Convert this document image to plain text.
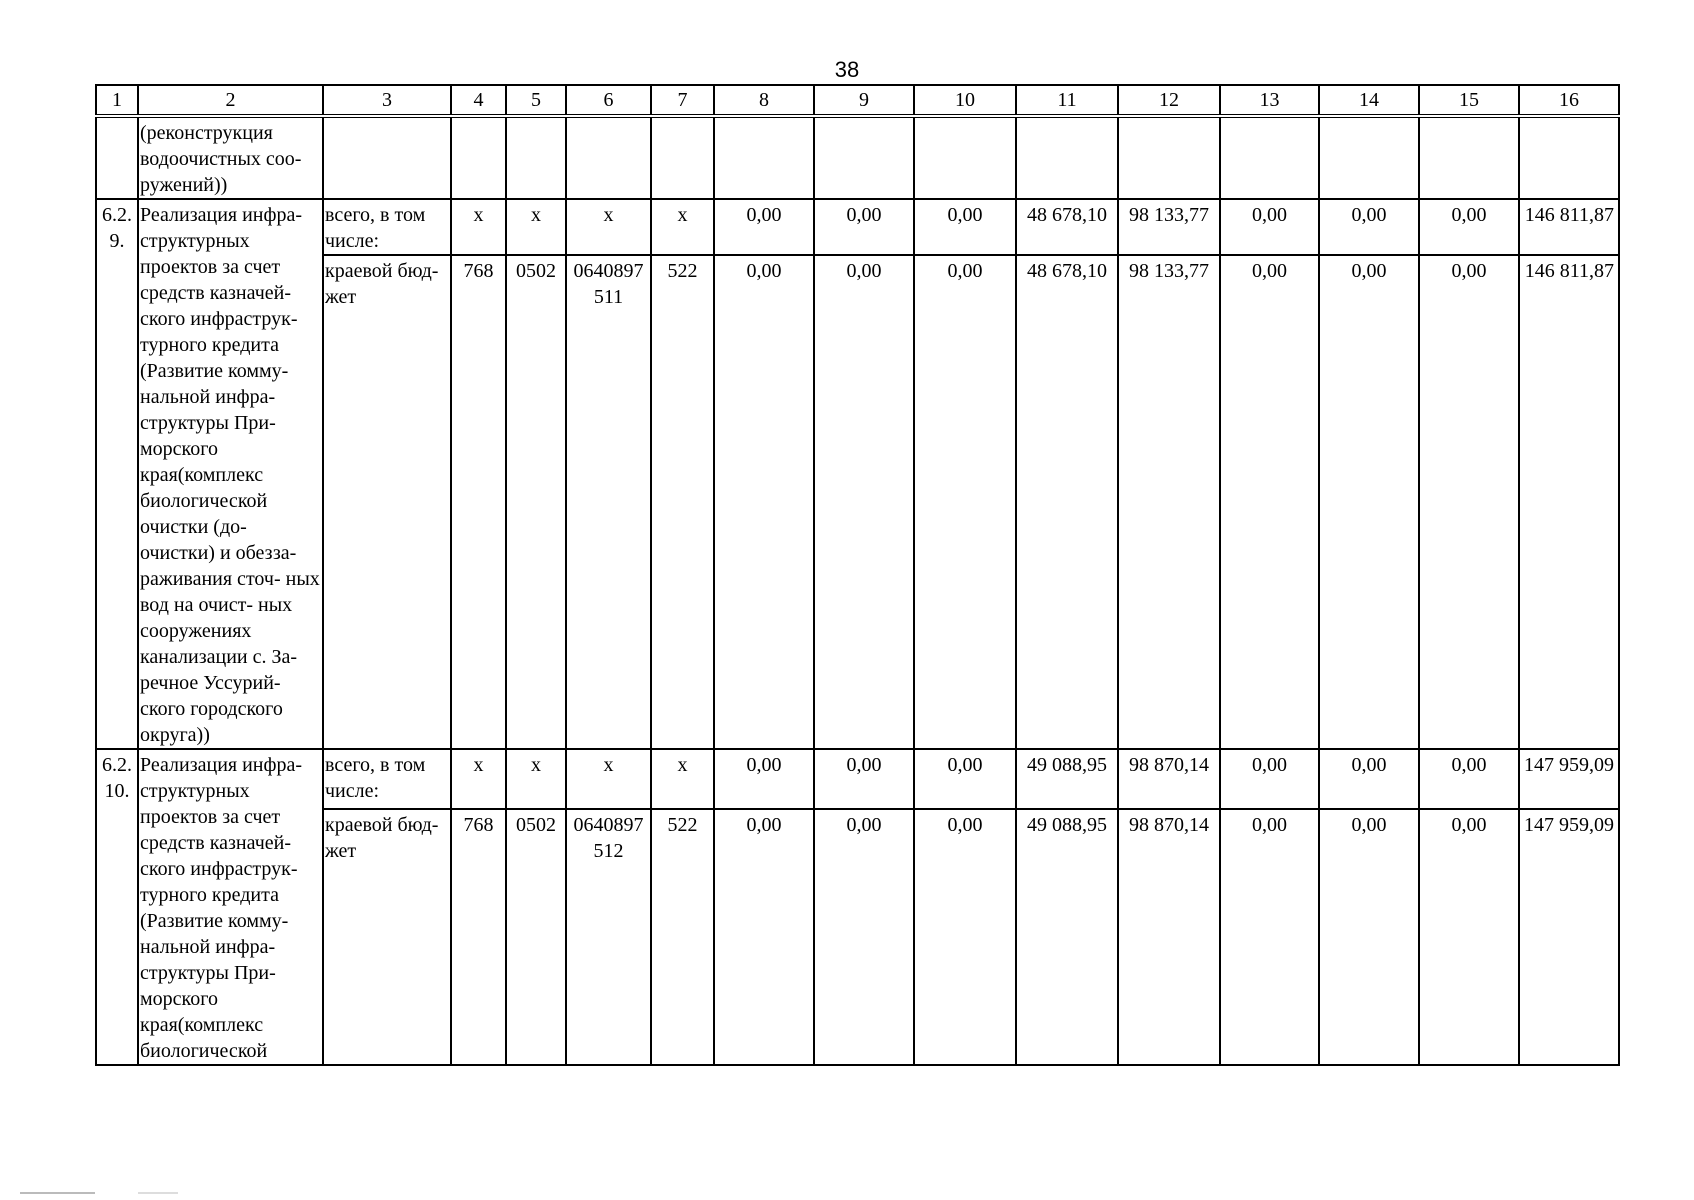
38
1	2	3	4	5	6	7	8	9	10	11	12	13	14	15	16
	(реконструкция водоочистных соо- ружений))														
6.2. 9.	Реализация инфра- структурных проектов за счет средств казначей- ского инфраструк- турного кредита (Развитие комму- нальной инфра- структуры При- морского края(комплекс биологической очистки (до- очистки) и обезза- раживания сточ- ных вод на очист- ных сооружениях канализации с. За- речное Уссурий- ского городского округа))	всего, в том числе:	x	x	x	x	0,00	0,00	0,00	48 678,10	98 133,77	0,00	0,00	0,00	146 811,87
		краевой бюд- жет	768	0502	0640897 511	522	0,00	0,00	0,00	48 678,10	98 133,77	0,00	0,00	0,00	146 811,87
6.2. 10.	Реализация инфра- структурных проектов за счет средств казначей- ского инфраструк- турного кредита (Развитие комму- нальной инфра- структуры При- морского края(комплекс биологической	всего, в том числе:	x	x	x	x	0,00	0,00	0,00	49 088,95	98 870,14	0,00	0,00	0,00	147 959,09
		краевой бюд- жет	768	0502	0640897 512	522	0,00	0,00	0,00	49 088,95	98 870,14	0,00	0,00	0,00	147 959,09
